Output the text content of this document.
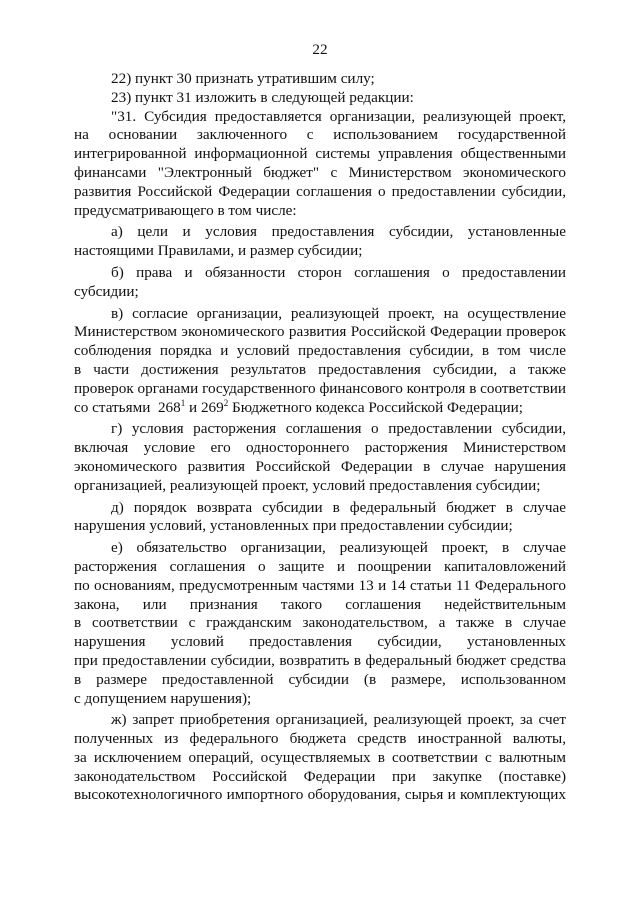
22
22) пункт 30 признать утратившим силу;
23) пункт 31 изложить в следующей редакции:
"31. Субсидия предоставляется организации, реализующей проект,
на основании заключенного с использованием государственной
интегрированной информационной системы управления общественными
финансами "Электронный бюджет" с Министерством экономического
развития Российской Федерации соглашения о предоставлении субсидии,
предусматривающего в том числе:
а) цели и условия предоставления субсидии, установленные
настоящими Правилами, и размер субсидии;
б) права и обязанности сторон соглашения о предоставлении
субсидии;
в) согласие организации, реализующей проект, на осуществление
Министерством экономического развития Российской Федерации проверок
соблюдения порядка и условий предоставления субсидии, в том числе
в части достижения результатов предоставления субсидии, а также
проверок органами государственного финансового контроля в соответствии
со статьями $268^1$ и $269^2$ Бюджетного кодекса Российской Федерации;
г) условия расторжения соглашения о предоставлении субсидии,
включая условие его одностороннего расторжения Министерством
экономического развития Российской Федерации в случае нарушения
организацией, реализующей проект, условий предоставления субсидии;
д) порядок возврата субсидии в федеральный бюджет в случае
нарушения условий, установленных при предоставлении субсидии;
е) обязательство организации, реализующей проект, в случае
расторжения соглашения о защите и поощрении капиталовложений
по основаниям, предусмотренным частями 13 и 14 статьи 11 Федерального
закона, или признания такого соглашения недействительным
в соответствии с гражданским законодательством, а также в случае
нарушения условий предоставления субсидии, установленных
при предоставлении субсидии, возвратить в федеральный бюджет средства
в размере предоставленной субсидии (в размере, использованном
с допущением нарушения);
ж) запрет приобретения организацией, реализующей проект, за счет
полученных из федерального бюджета средств иностранной валюты,
за исключением операций, осуществляемых в соответствии с валютным
законодательством Российской Федерации при закупке (поставке)
высокотехнологичного импортного оборудования, сырья и комплектующих
